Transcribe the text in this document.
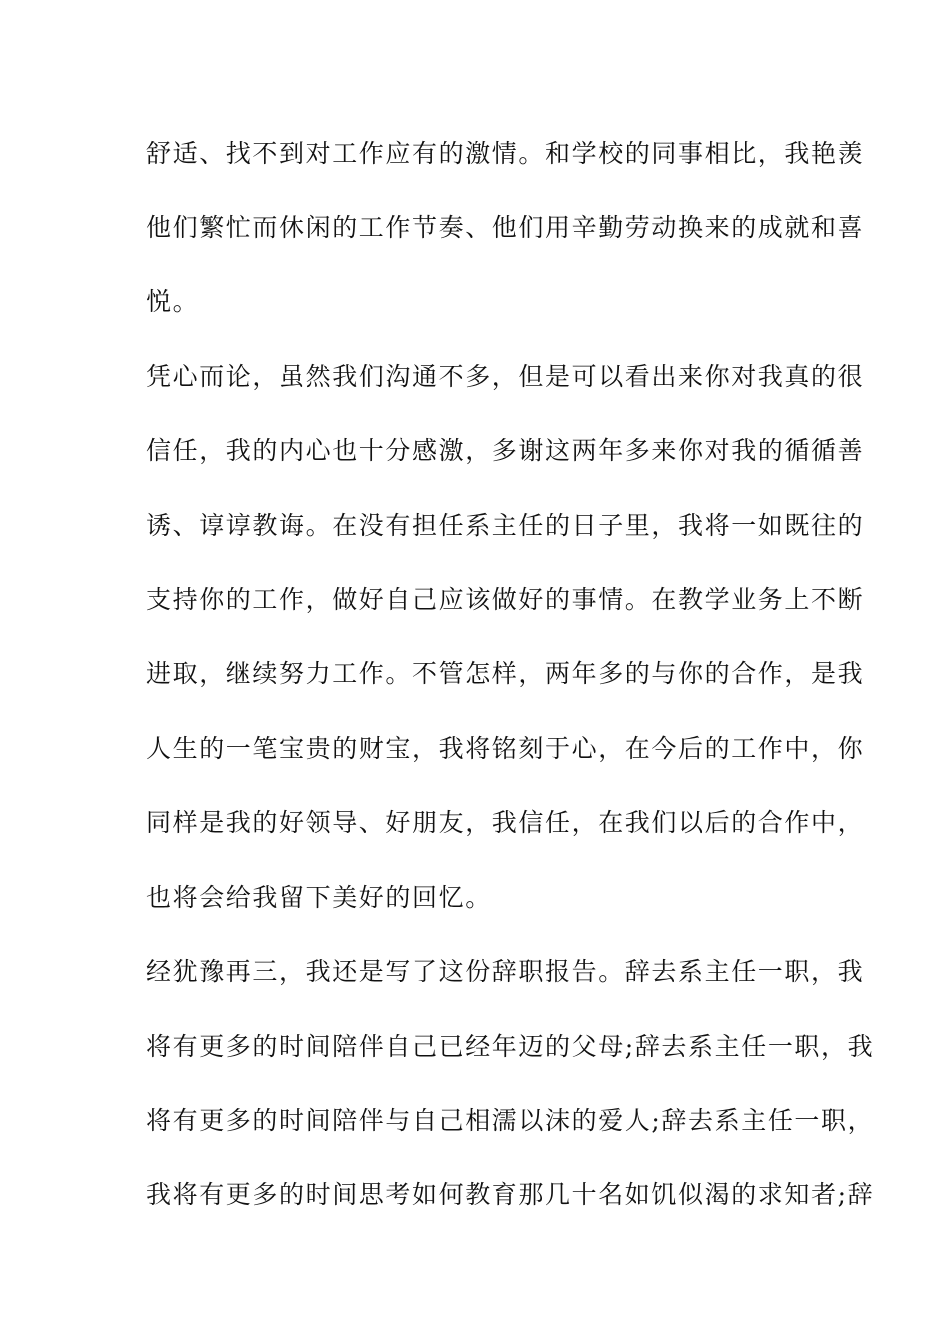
舒适、找不到对工作应有的激情。和学校的同事相比，我艳羡
他们繁忙而休闲的工作节奏、他们用辛勤劳动换来的成就和喜
悦。
凭心而论，虽然我们沟通不多，但是可以看出来你对我真的很
信任，我的内心也十分感激，多谢这两年多来你对我的循循善
诱、谆谆教诲。在没有担任系主任的日子里，我将一如既往的
支持你的工作，做好自己应该做好的事情。在教学业务上不断
进取，继续努力工作。不管怎样，两年多的与你的合作，是我
人生的一笔宝贵的财宝，我将铭刻于心，在今后的工作中，你
同样是我的好领导、好朋友，我信任，在我们以后的合作中，
也将会给我留下美好的回忆。
经犹豫再三，我还是写了这份辞职报告。辞去系主任一职，我
将有更多的时间陪伴自己已经年迈的父母;辞去系主任一职，我
将有更多的时间陪伴与自己相濡以沫的爱人;辞去系主任一职，
我将有更多的时间思考如何教育那几十名如饥似渴的求知者;辞
